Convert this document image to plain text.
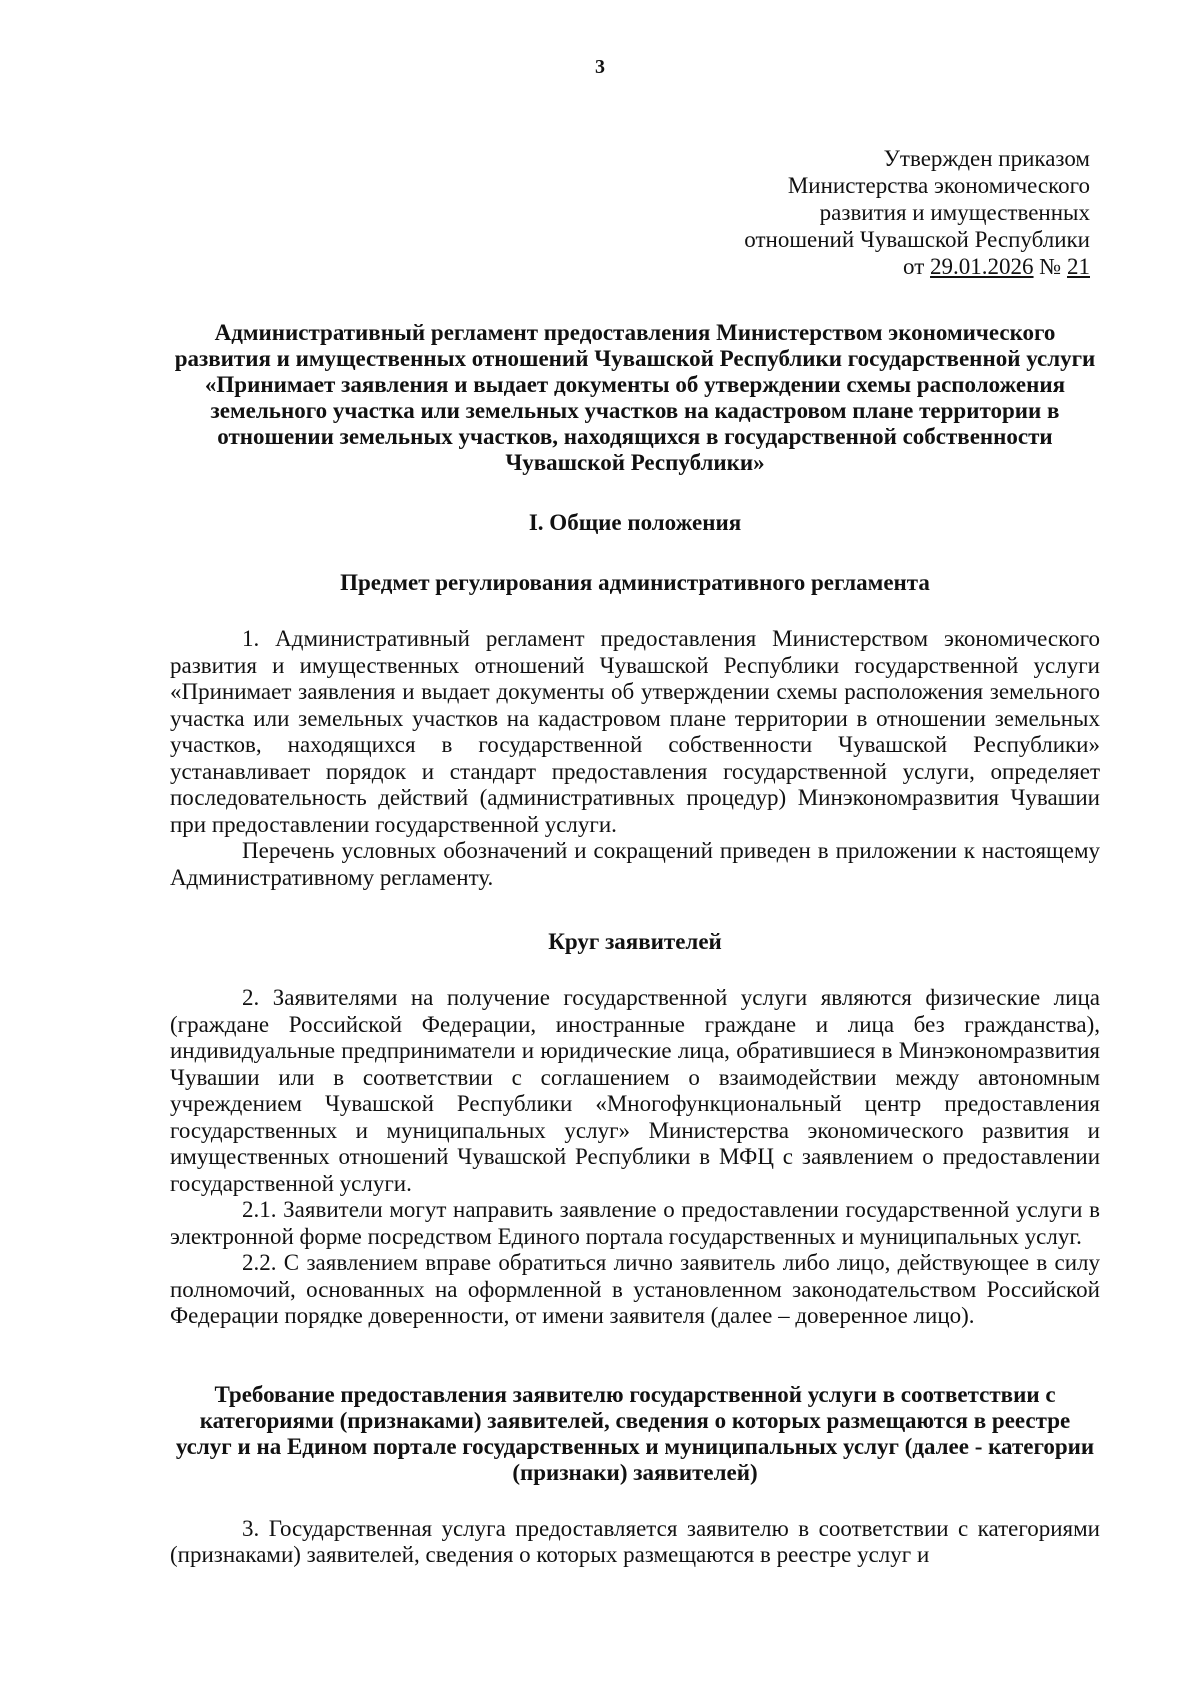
3
Утвержден приказом
Министерства экономического
развития и имущественных
отношений Чувашской Республики
от 29.01.2026 № 21

Административный регламент предоставления Министерством экономического развития и имущественных отношений Чувашской Республики государственной услуги «Принимает заявления и выдает документы об утверждении схемы расположения земельного участка или земельных участков на кадастровом плане территории в отношении земельных участков, находящихся в государственной собственности Чувашской Республики»

I. Общие положения

Предмет регулирования административного регламента

1. Административный регламент предоставления Министерством экономического развития и имущественных отношений Чувашской Республики государственной услуги «Принимает заявления и выдает документы об утверждении схемы расположения земельного участка или земельных участков на кадастровом плане территории в отношении земельных участков, находящихся в государственной собственности Чувашской Республики» устанавливает порядок и стандарт предоставления государственной услуги, определяет последовательность действий (административных процедур) Минэкономразвития Чувашии при предоставлении государственной услуги.

Перечень условных обозначений и сокращений приведен в приложении к настоящему Административному регламенту.

Круг заявителей

2. Заявителями на получение государственной услуги являются физические лица (граждане Российской Федерации, иностранные граждане и лица без гражданства), индивидуальные предприниматели и юридические лица, обратившиеся в Минэкономразвития Чувашии или в соответствии с соглашением о взаимодействии между автономным учреждением Чувашской Республики «Многофункциональный центр предоставления государственных и муниципальных услуг» Министерства экономического развития и имущественных отношений Чувашской Республики в МФЦ с заявлением о предоставлении государственной услуги.

2.1. Заявители могут направить заявление о предоставлении государственной услуги в электронной форме посредством Единого портала государственных и муниципальных услуг.

2.2. С заявлением вправе обратиться лично заявитель либо лицо, действующее в силу полномочий, основанных на оформленной в установленном законодательством Российской Федерации порядке доверенности, от имени заявителя (далее – доверенное лицо).

Требование предоставления заявителю государственной услуги в соответствии с категориями (признаками) заявителей, сведения о которых размещаются в реестре услуг и на Едином портале государственных и муниципальных услуг (далее - категории (признаки) заявителей)

3. Государственная услуга предоставляется заявителю в соответствии с категориями (признаками) заявителей, сведения о которых размещаются в реестре услуг и
